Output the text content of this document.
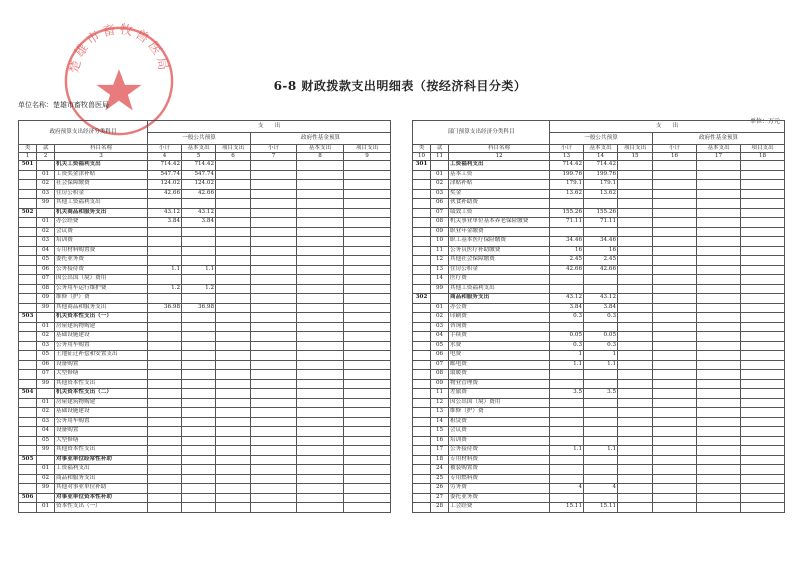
楚雄市畜牧兽医局
6-8 财政拨款支出明细表（按经济科目分类）
单位名称：楚雄市畜牧兽医局
单位：万元
政府预算支出经济分类科目			支　　出					
			一般公共预算			政府性基金预算		
类	款	科目名称	小计	基本支出	项目支出	小计	基本支出	项目支出
1	2	3	4	5	6	7	8	9
501		机关工资福利支出	714.42	714.42				
	01	工资奖金津补贴	547.74	547.74				
	02	社会保障缴费	124.02	124.02				
	03	住房公积金	42.66	42.66				
	99	其他工资福利支出						
502		机关商品和服务支出	43.12	43.12				
	01	办公经费	3.84	3.84				
	02	会议费						
	03	培训费						
	04	专用材料购置费						
	05	委托业务费						
	06	公务接待费	1.1	1.1				
	07	因公出国（境）费用						
	08	公务用车运行维护费	1.2	1.2				
	09	维修（护）费						
	99	其他商品和服务支出	36.98	36.98				
503		机关资本性支出（一）						
	01	房屋建筑物购建						
	02	基础设施建设						
	03	公务用车购置						
	05	土地征迁补偿和安置支出						
	06	设备购置						
	07	大型修缮						
	99	其他资本性支出						
504		机关资本性支出（二）						
	01	房屋建筑物购建						
	02	基础设施建设						
	03	公务用车购置						
	04	设备购置						
	05	大型修缮						
	99	其他资本性支出						
505		对事业单位经常性补助						
	01	工资福利支出						
	02	商品和服务支出						
	99	其他对事业单位补助						
506		对事业单位资本性补助						
	01	资本性支出（一）						
部门预算支出经济分类科目			支　　出					
			一般公共预算			政府性基金预算		
类	款	科目名称	小计	基本支出	项目支出	小计	基本支出	项目支出
10	11	12	13	14	15	16	17	18
301		工资福利支出	714.42	714.42				
	01	基本工资	199.76	199.76				
	02	津贴补贴	179.1	179.1				
	03	奖金	13.62	13.62				
	06	伙食补助费						
	07	绩效工资	155.26	155.26				
	08	机关事业单位基本养老保险缴费	71.11	71.11				
	09	职业年金缴费						
	10	职工基本医疗保险缴费	34.46	34.46				
	11	公务员医疗补助缴费	16	16				
	12	其他社会保障缴费	2.45	2.45				
	13	住房公积金	42.66	42.66				
	14	医疗费						
	99	其他工资福利支出						
302		商品和服务支出	43.12	43.12				
	01	办公费	3.84	3.84				
	02	印刷费	0.3	0.3				
	03	咨询费						
	04	手续费	0.05	0.05				
	05	水费	0.3	0.3				
	06	电费	1	1				
	07	邮电费	1.1	1.1				
	08	取暖费						
	09	物业管理费						
	11	差旅费	3.5	3.5				
	12	因公出国（境）费用						
	13	维修（护）费						
	14	租赁费						
	15	会议费						
	16	培训费						
	17	公务接待费	1.1	1.1				
	18	专用材料费						
	24	被装购置费						
	25	专用燃料费						
	26	劳务费	4	4				
	27	委托业务费						
	28	工会经费	15.11	15.11				
